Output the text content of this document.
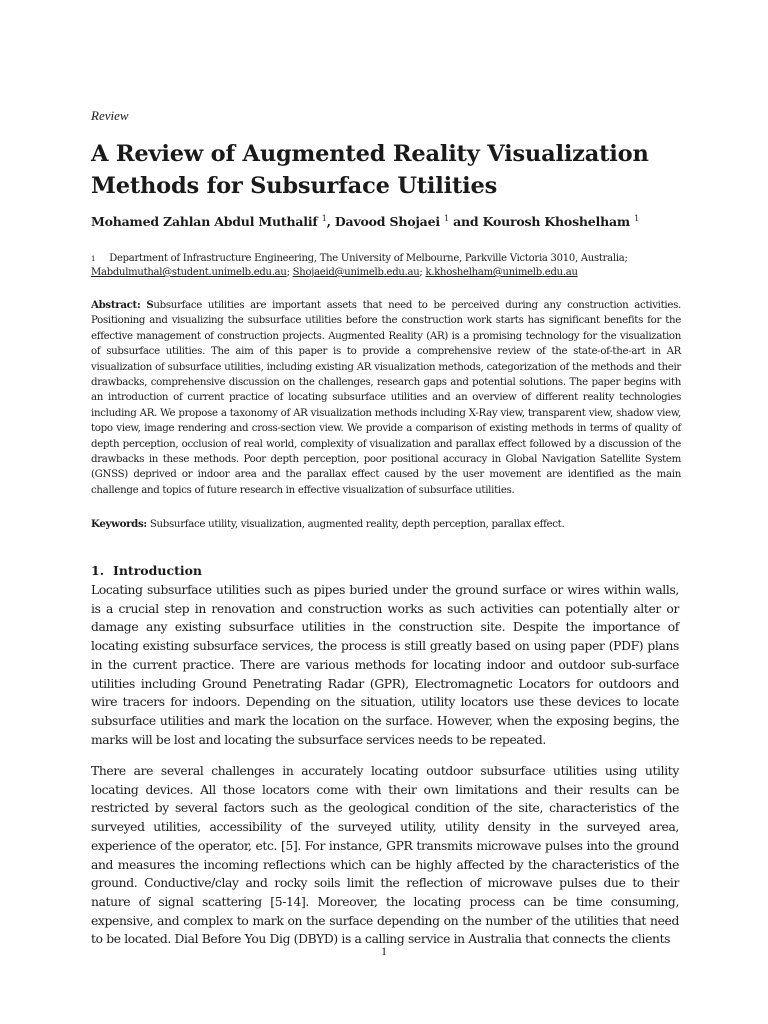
Review
A Review of Augmented Reality Visualization Methods for Subsurface Utilities
Mohamed Zahlan Abdul Muthalif $^1$, Davood Shojaei $^1$ and Kourosh Khoshelham $^1$
$^1$ Department of Infrastructure Engineering, The University of Melbourne, Parkville Victoria 3010, Australia;
Mabdulmuthal@student.unimelb.edu.au; Shojaeid@unimelb.edu.au; k.khoshelham@unimelb.edu.au
Abstract: Subsurface utilities are important assets that need to be perceived during any construction activities. Positioning and visualizing the subsurface utilities before the construction work starts has significant benefits for the effective management of construction projects. Augmented Reality (AR) is a promising technology for the visualization of subsurface utilities. The aim of this paper is to provide a comprehensive review of the state-of-the-art in AR visualization of subsurface utilities, including existing AR visualization methods, categorization of the methods and their drawbacks, comprehensive discussion on the challenges, research gaps and potential solutions. The paper begins with an introduction of current practice of locating subsurface utilities and an overview of different reality technologies including AR. We propose a taxonomy of AR visualization methods including X-Ray view, transparent view, shadow view, topo view, image rendering and cross-section view. We provide a comparison of existing methods in terms of quality of depth perception, occlusion of real world, complexity of visualization and parallax effect followed by a discussion of the drawbacks in these methods. Poor depth perception, poor positional accuracy in Global Navigation Satellite System (GNSS) deprived or indoor area and the parallax effect caused by the user movement are identified as the main challenge and topics of future research in effective visualization of subsurface utilities.
Keywords: Subsurface utility, visualization, augmented reality, depth perception, parallax effect.
1. Introduction
Locating subsurface utilities such as pipes buried under the ground surface or wires within walls, is a crucial step in renovation and construction works as such activities can potentially alter or damage any existing subsurface utilities in the construction site. Despite the importance of locating existing subsurface services, the process is still greatly based on using paper (PDF) plans in the current practice. There are various methods for locating indoor and outdoor sub-surface utilities including Ground Penetrating Radar (GPR), Electromagnetic Locators for outdoors and wire tracers for indoors. Depending on the situation, utility locators use these devices to locate subsurface utilities and mark the location on the surface. However, when the exposing begins, the marks will be lost and locating the subsurface services needs to be repeated.
There are several challenges in accurately locating outdoor subsurface utilities using utility locating devices. All those locators come with their own limitations and their results can be restricted by several factors such as the geological condition of the site, characteristics of the surveyed utilities, accessibility of the surveyed utility, utility density in the surveyed area, experience of the operator, etc. [5]. For instance, GPR transmits microwave pulses into the ground and measures the incoming reflections which can be highly affected by the characteristics of the ground. Conductive/clay and rocky soils limit the reflection of microwave pulses due to their nature of signal scattering [5-14]. Moreover, the locating process can be time consuming, expensive, and complex to mark on the surface depending on the number of the utilities that need to be located. Dial Before You Dig (DBYD) is a calling service in Australia that connects the clients
1
